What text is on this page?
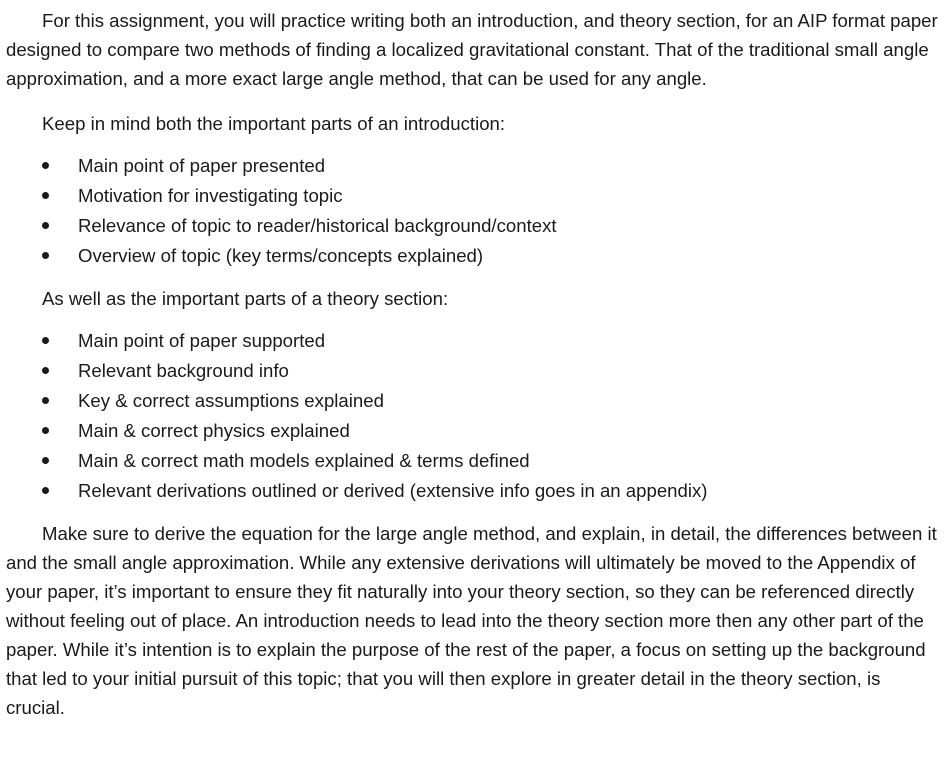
For this assignment, you will practice writing both an introduction, and theory section, for an AIP format paper designed to compare two methods of finding a localized gravitational constant. That of the traditional small angle approximation, and a more exact large angle method, that can be used for any angle.

Keep in mind both the important parts of an introduction:

Main point of paper presented
Motivation for investigating topic
Relevance of topic to reader/historical background/context
Overview of topic (key terms/concepts explained)

As well as the important parts of a theory section:

Main point of paper supported
Relevant background info
Key & correct assumptions explained
Main & correct physics explained
Main & correct math models explained & terms defined
Relevant derivations outlined or derived (extensive info goes in an appendix)

Make sure to derive the equation for the large angle method, and explain, in detail, the differences between it and the small angle approximation. While any extensive derivations will ultimately be moved to the Appendix of your paper, it’s important to ensure they fit naturally into your theory section, so they can be referenced directly without feeling out of place. An introduction needs to lead into the theory section more then any other part of the paper. While it’s intention is to explain the purpose of the rest of the paper, a focus on setting up the background that led to your initial pursuit of this topic; that you will then explore in greater detail in the theory section, is crucial.
